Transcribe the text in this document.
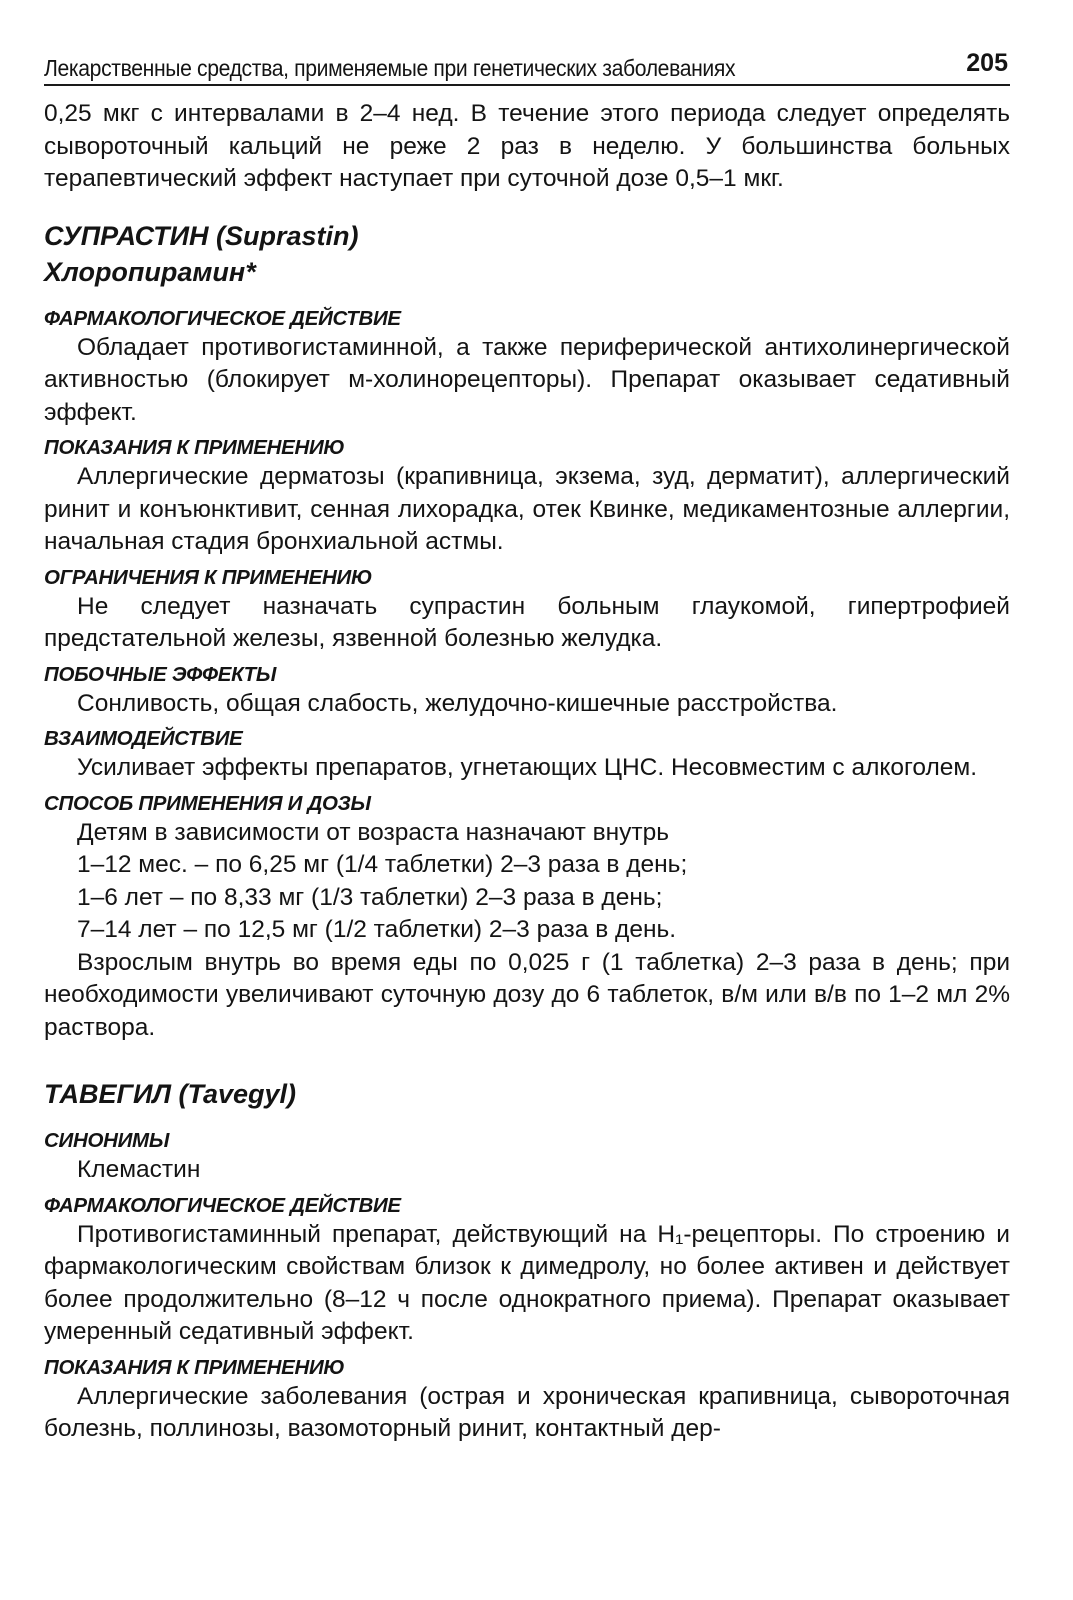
Лекарственные средства, применяемые при генетических заболеваниях	205

0,25 мкг с интервалами в 2–4 нед. В течение этого периода следует определять сывороточный кальций не реже 2 раз в неделю. У большинства больных терапевтический эффект наступает при суточной дозе 0,5–1 мкг.

СУПРАСТИН (Suprastin)
Хлоропирамин*
ФАРМАКОЛОГИЧЕСКОЕ ДЕЙСТВИЕ

Обладает противогистаминной, а также периферической антихолинергической активностью (блокирует м-холинорецепторы). Препарат оказывает седативный эффект.

ПОКАЗАНИЯ К ПРИМЕНЕНИЮ

Аллергические дерматозы (крапивница, экзема, зуд, дерматит), аллергический ринит и конъюнктивит, сенная лихорадка, отек Квинке, медикаментозные аллергии, начальная стадия бронхиальной астмы.

ОГРАНИЧЕНИЯ К ПРИМЕНЕНИЮ

Не следует назначать супрастин больным глаукомой, гипертрофией предстательной железы, язвенной болезнью желудка.

ПОБОЧНЫЕ ЭФФЕКТЫ

Сонливость, общая слабость, желудочно-кишечные расстройства.

ВЗАИМОДЕЙСТВИЕ

Усиливает эффекты препаратов, угнетающих ЦНС. Несовместим с алкоголем.

СПОСОБ ПРИМЕНЕНИЯ И ДОЗЫ

Детям в зависимости от возраста назначают внутрь

1–12 мес. – по 6,25 мг (1/4 таблетки) 2–3 раза в день;

1–6 лет – по 8,33 мг (1/3 таблетки) 2–3 раза в день;

7–14 лет – по 12,5 мг (1/2 таблетки) 2–3 раза в день.

Взрослым внутрь во время еды по 0,025 г (1 таблетка) 2–3 раза в день; при необходимости увеличивают суточную дозу до 6 таблеток, в/м или в/в по 1–2 мл 2% раствора.

ТАВЕГИЛ (Tavegyl)
СИНОНИМЫ

Клемастин

ФАРМАКОЛОГИЧЕСКОЕ ДЕЙСТВИЕ

Противогистаминный препарат, действующий на H₁-рецепторы. По строению и фармакологическим свойствам близок к димедролу, но более активен и действует более продолжительно (8–12 ч после однократного приема). Препарат оказывает умеренный седативный эффект.

ПОКАЗАНИЯ К ПРИМЕНЕНИЮ

Аллергические заболевания (острая и хроническая крапивница, сывороточная болезнь, поллинозы, вазомоторный ринит, контактный дер-
